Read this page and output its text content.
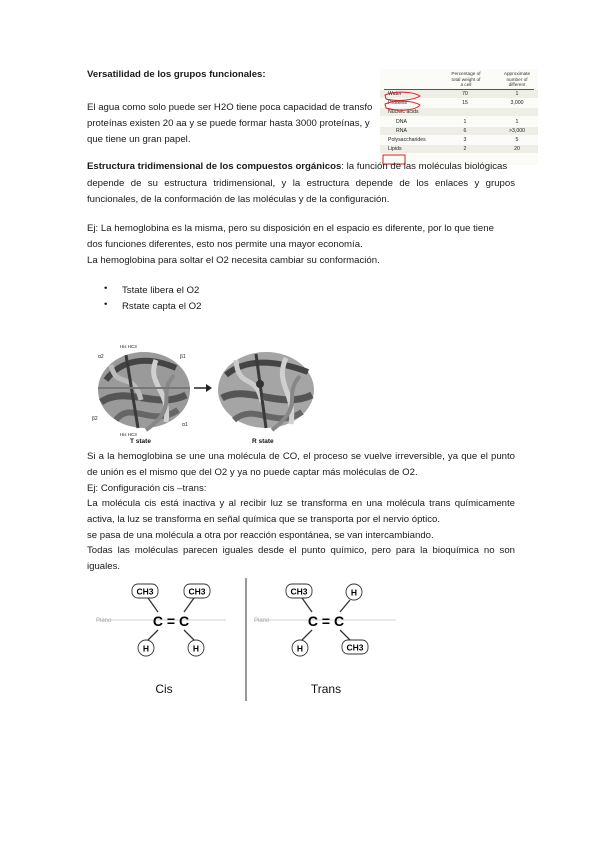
Versatilidad de los grupos funcionales:
El agua como solo puede ser H2O tiene poca capacidad de transfo
proteínas existen 20 aa y se puede formar hasta 3000 proteínas, y
que tiene un gran papel.
Percentage of
total weight of
a cell
Approximate
number of
different
Water	70	1
Proteins	15	3,000
Nucleic acids
DNA	1	1
RNA	6	>3,000
Polysaccharides	3	5
Lipids	2	20
Estructura tridimensional de los compuestos orgánicos: la función de las moléculas biológicas
depende de su estructura tridimensional, y la estructura depende de los enlaces y grupos
funcionales, de la conformación de las moléculas y de la configuración.
Ej: La hemoglobina es la misma, pero su disposición en el espacio es diferente, por lo que tiene
dos funciones diferentes, esto nos permite una mayor economía.
La hemoglobina para soltar el O2 necesita cambiar su conformación.
• Tstate libera el O2
• Rstate capta el O2
α2
His HC3
β1
β2
α1
His HC3
T state	R state
Si a la hemoglobina se une una molécula de CO, el proceso se vuelve irreversible, ya que el punto
de unión es el mismo que del O2 y ya no puede captar más moléculas de O2.
Ej: Configuración cis –trans:
La molécula cis está inactiva y al recibir luz se transforma en una molécula trans químicamente
activa, la luz se transforma en señal química que se transporta por el nervio óptico.
se pasa de una molécula a otra por reacción espontánea, se van intercambiando.
Todas las moléculas parecen iguales desde el punto químico, pero para la bioquímica no son
iguales.
Plano	Plano
CH3	CH3
C = C
H	H
Cis
CH3	H
C = C
H	CH3
Trans
